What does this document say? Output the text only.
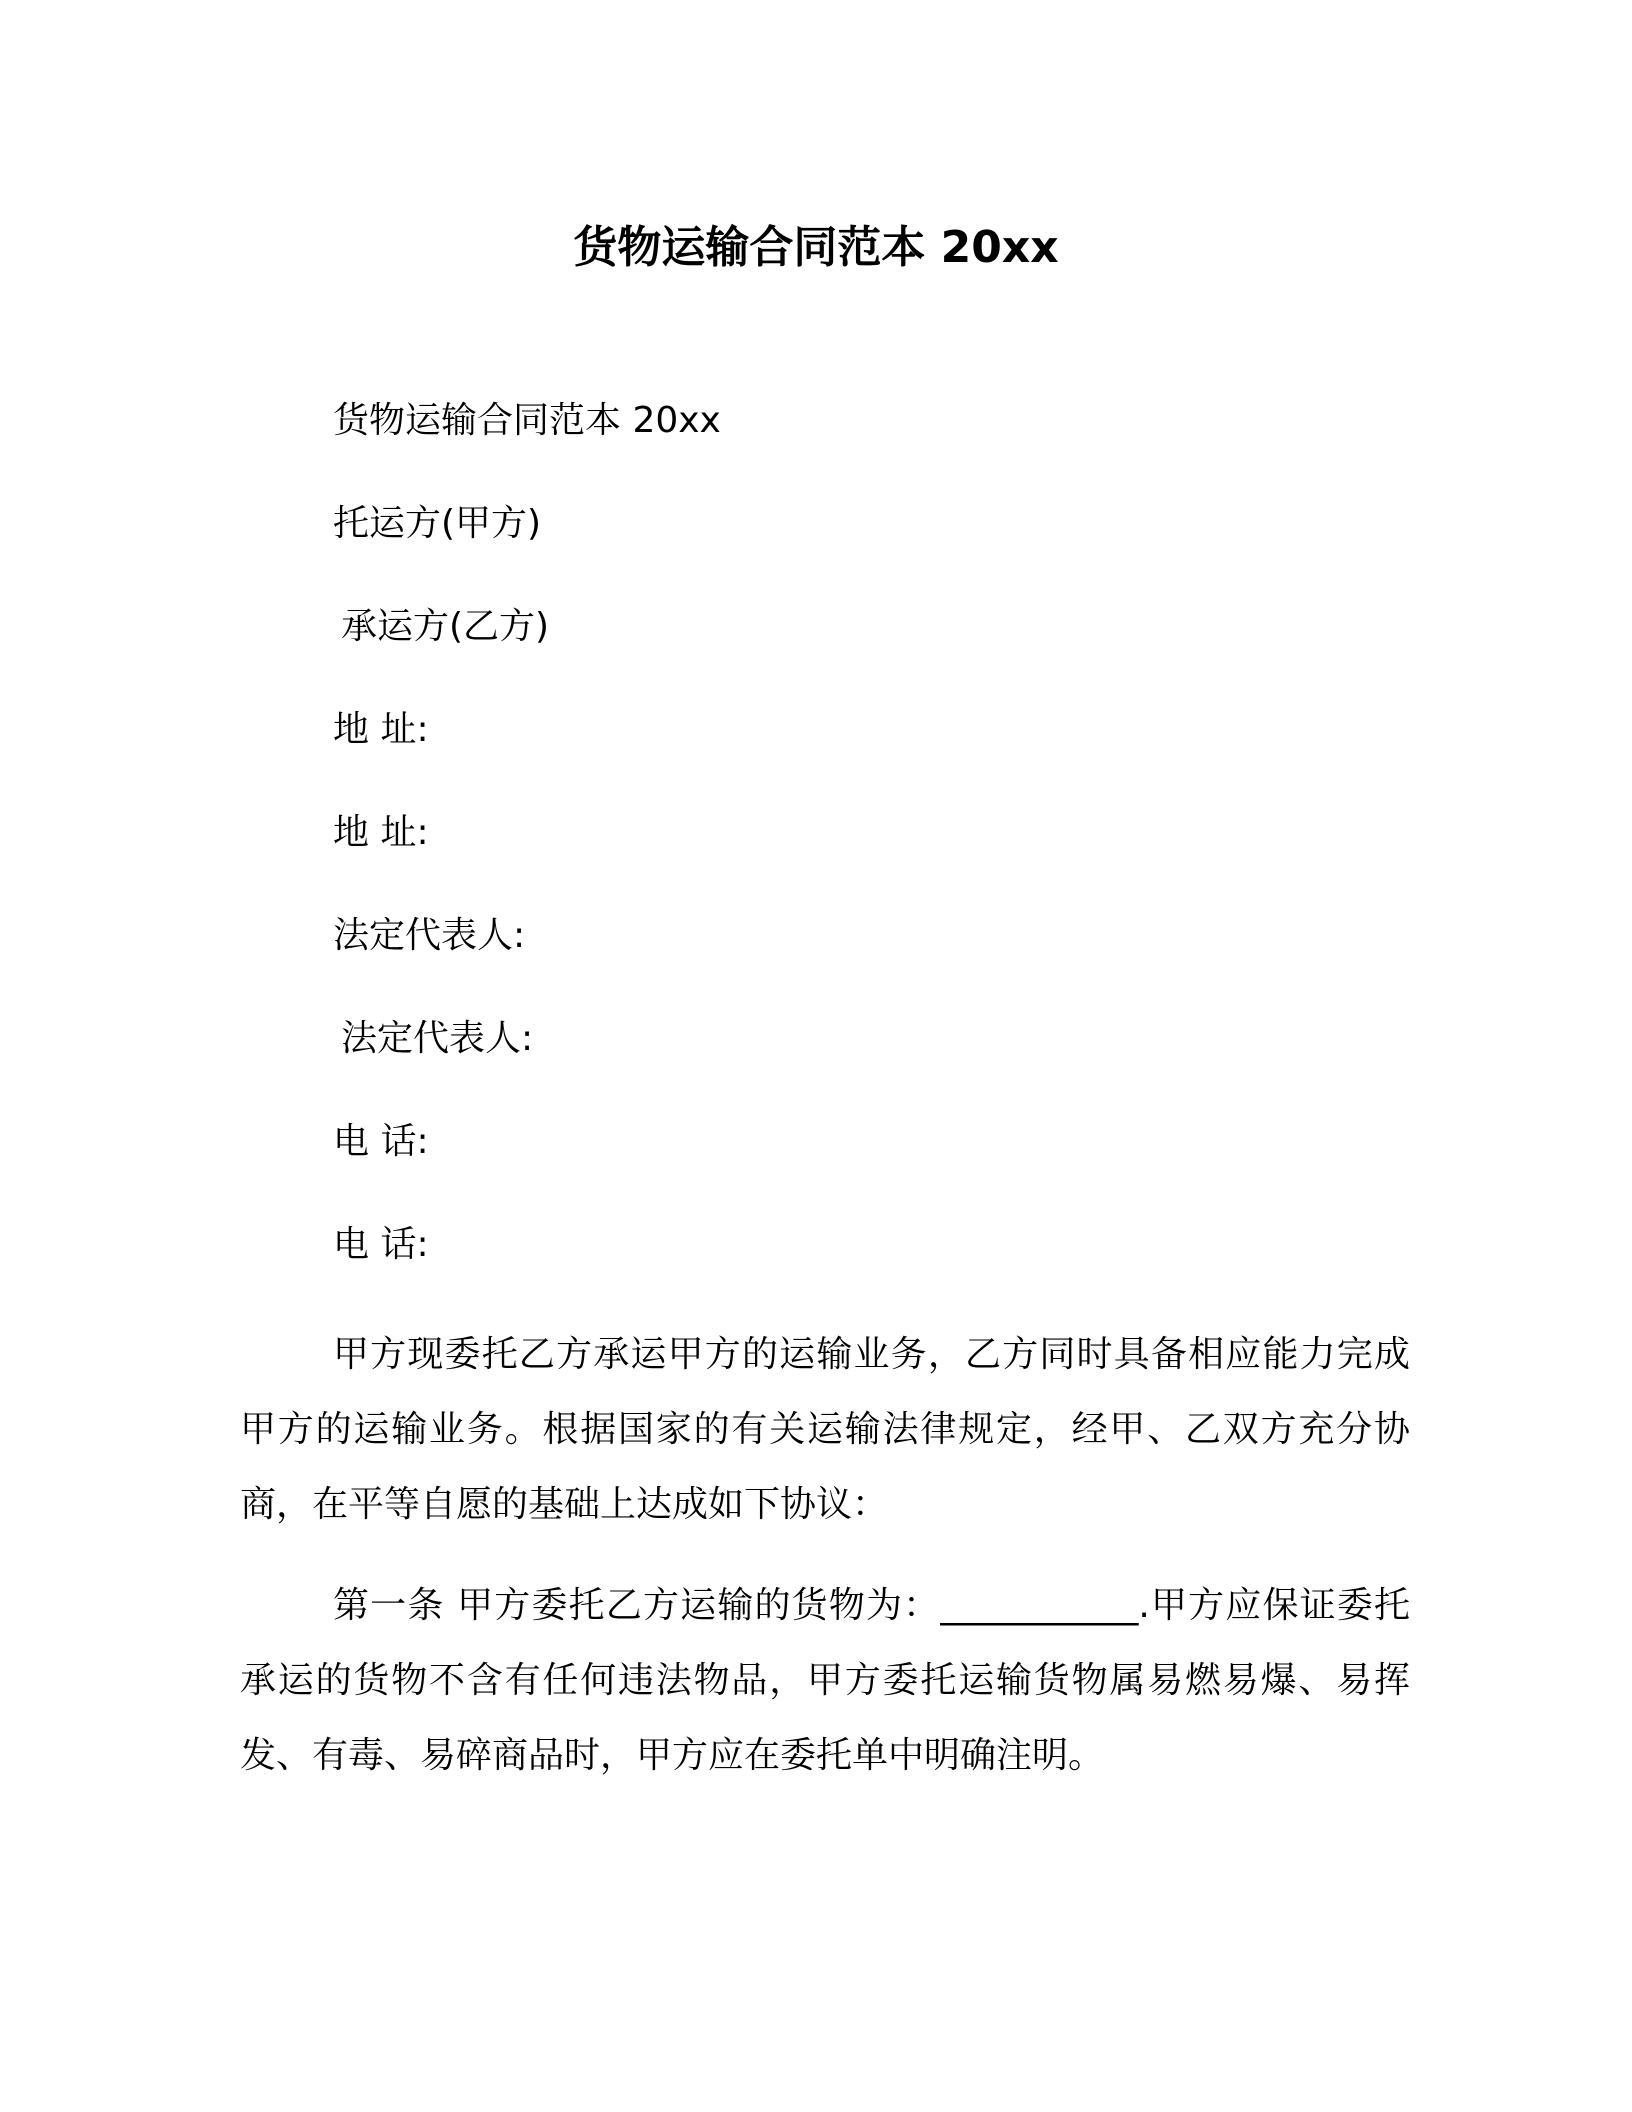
货物运输合同范本 20xx
货物运输合同范本 20xx
托运方(甲方)
承运方(乙方)
地 址:
地 址:
法定代表人:
法定代表人:
电 话:
电 话:
甲方现委托乙方承运甲方的运输业务，乙方同时具备相应能力完成甲方的运输业务。根据国家的有关运输法律规定，经甲、乙双方充分协商，在平等自愿的基础上达成如下协议：
第一条 甲方委托乙方运输的货物为：___________.甲方应保证委托承运的货物不含有任何违法物品，甲方委托运输货物属易燃易爆、易挥发、有毒、易碎商品时，甲方应在委托单中明确注明。
